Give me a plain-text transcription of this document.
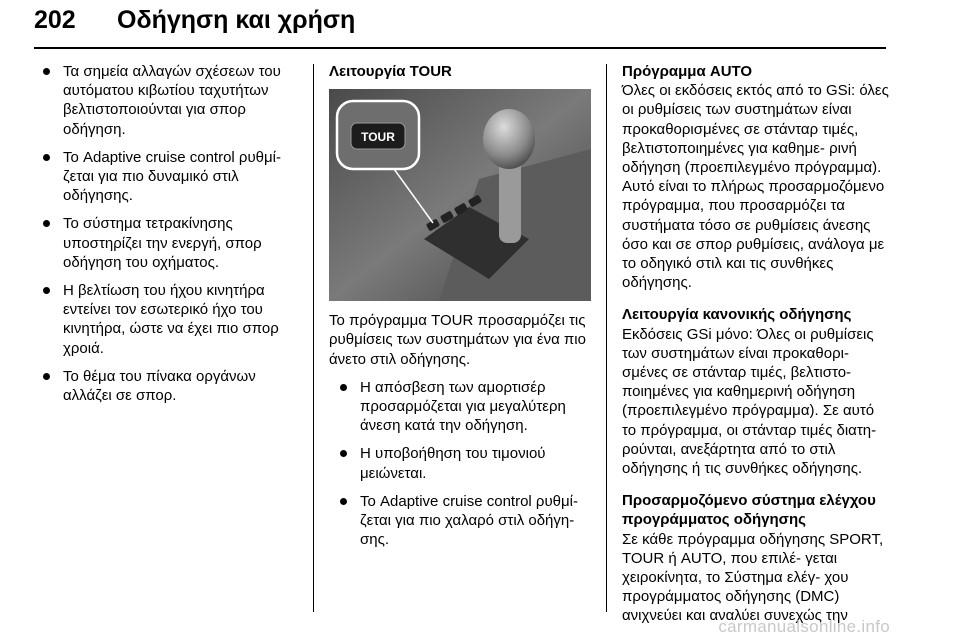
202 Οδήγηση και χρήση
Τα σημεία αλλαγών σχέσεων του αυτόματου κιβωτίου ταχυτήτων βελτιστοποιούνται για σπορ οδήγηση.
Το Adaptive cruise control ρυθμί- ζεται για πιο δυναμικό στιλ οδήγησης.
Το σύστημα τετρακίνησης υποστηρίζει την ενεργή, σπορ οδήγηση του οχήματος.
Η βελτίωση του ήχου κινητήρα εντείνει τον εσωτερικό ήχο του κινητήρα, ώστε να έχει πιο σπορ χροιά.
Το θέμα του πίνακα οργάνων αλλάζει σε σπορ.
Λειτουργία TOUR
TOUR

Το πρόγραμμα TOUR προσαρμόζει τις ρυθμίσεις των συστημάτων για ένα πιο άνετο στιλ οδήγησης.

Η απόσβεση των αμορτισέρ προσαρμόζεται για μεγαλύτερη άνεση κατά την οδήγηση.
Η υποβοήθηση του τιμονιού μειώνεται.
Το Adaptive cruise control ρυθμί- ζεται για πιο χαλαρό στιλ οδήγη- σης.
Πρόγραμμα AUTO

Όλες οι εκδόσεις εκτός από το GSi: όλες οι ρυθμίσεις των συστημάτων είναι προκαθορισμένες σε στάνταρ τιμές, βελτιστοποιημένες για καθημε- ρινή οδήγηση (προεπιλεγμένο πρόγραμμα). Αυτό είναι το πλήρως προσαρμοζόμενο πρόγραμμα, που προσαρμόζει τα συστήματα τόσο σε ρυθμίσεις άνεσης όσο και σε σπορ ρυθμίσεις, ανάλογα με το οδηγικό στιλ και τις συνθήκες οδήγησης.

Λειτουργία κανονικής οδήγησης

Εκδόσεις GSi μόνο: Όλες οι ρυθμίσεις των συστημάτων είναι προκαθορι- σμένες σε στάνταρ τιμές, βελτιστο- ποιημένες για καθημερινή οδήγηση (προεπιλεγμένο πρόγραμμα). Σε αυτό το πρόγραμμα, οι στάνταρ τιμές διατη- ρούνται, ανεξάρτητα από το στιλ οδήγησης ή τις συνθήκες οδήγησης.

Προσαρμοζόμενο σύστημα ελέγχου προγράμματος οδήγησης

Σε κάθε πρόγραμμα οδήγησης SPORT, TOUR ή AUTO, που επιλέ- γεται χειροκίνητα, το Σύστημα ελέγ- χου προγράμματος οδήγησης (DMC) ανιχνεύει και αναλύει συνεχώς την

carmanualsonline.info
